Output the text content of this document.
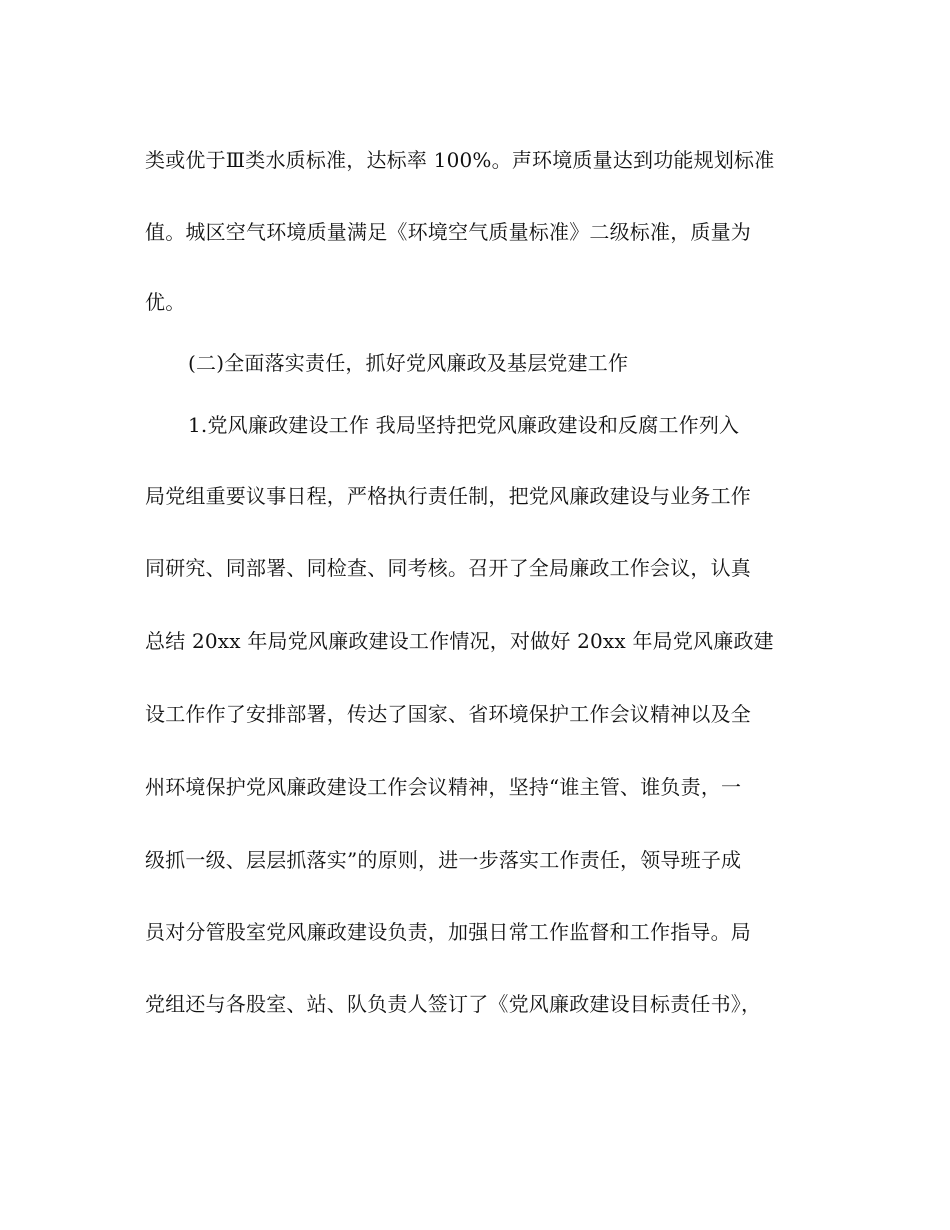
类或优于Ⅲ类水质标准，达标率 100%。声环境质量达到功能规划标准
值。城区空气环境质量满足《环境空气质量标准》二级标准，质量为
优。
(二)全面落实责任，抓好党风廉政及基层党建工作
1.党风廉政建设工作 我局坚持把党风廉政建设和反腐工作列入
局党组重要议事日程，严格执行责任制，把党风廉政建设与业务工作
同研究、同部署、同检查、同考核。召开了全局廉政工作会议，认真
总结 20xx 年局党风廉政建设工作情况，对做好 20xx 年局党风廉政建
设工作作了安排部署，传达了国家、省环境保护工作会议精神以及全
州环境保护党风廉政建设工作会议精神，坚持“谁主管、谁负责，一
级抓一级、层层抓落实”的原则，进一步落实工作责任，领导班子成
员对分管股室党风廉政建设负责，加强日常工作监督和工作指导。局
党组还与各股室、站、队负责人签订了《党风廉政建设目标责任书》，
